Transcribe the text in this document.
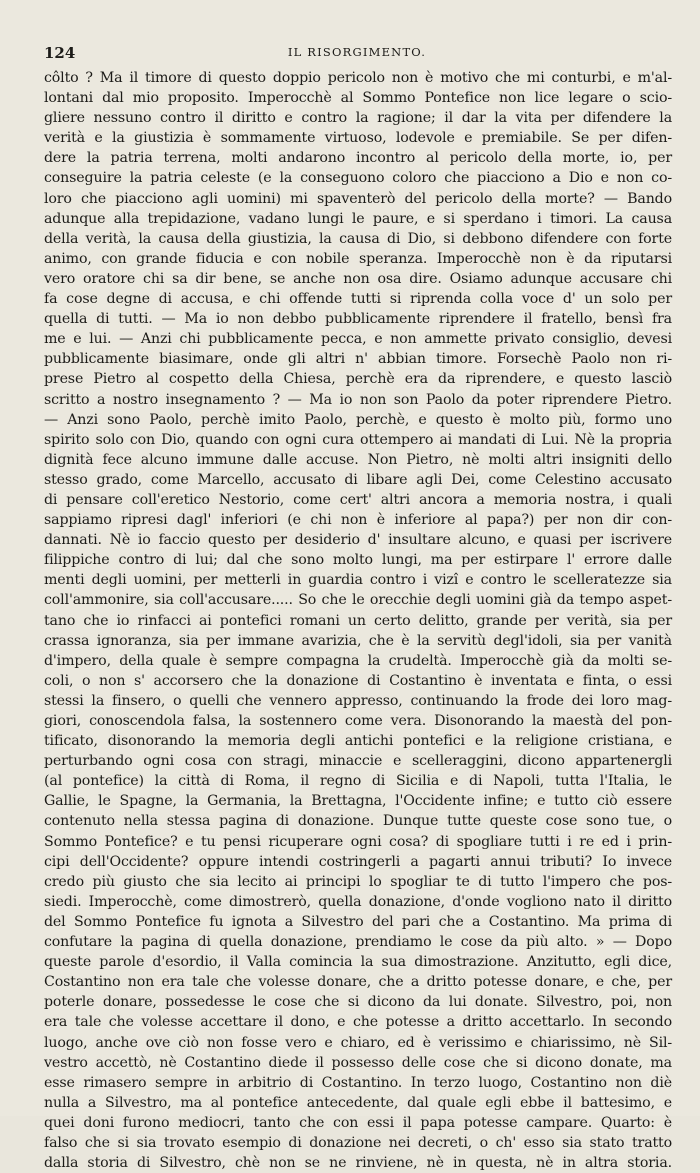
124	IL RISORGIMENTO.
côlto ? Ma il timore di questo doppio pericolo non è motivo che mi conturbi, e m'al-
lontani dal mio proposito. Imperocchè al Sommo Pontefice non lice legare o scio-
gliere nessuno contro il diritto e contro la ragione; il dar la vita per difendere la
verità e la giustizia è sommamente virtuoso, lodevole e premiabile. Se per difen-
dere la patria terrena, molti andarono incontro al pericolo della morte, io, per
conseguire la patria celeste (e la conseguono coloro che piacciono a Dio e non co-
loro che piacciono agli uomini) mi spaventerò del pericolo della morte? — Bando
adunque alla trepidazione, vadano lungi le paure, e si sperdano i timori. La causa
della verità, la causa della giustizia, la causa di Dio, si debbono difendere con forte
animo, con grande fiducia e con nobile speranza. Imperocchè non è da riputarsi
vero oratore chi sa dir bene, se anche non osa dire. Osiamo adunque accusare chi
fa cose degne di accusa, e chi offende tutti si riprenda colla voce d' un solo per
quella di tutti. — Ma io non debbo pubblicamente riprendere il fratello, bensì fra
me e lui. — Anzi chi pubblicamente pecca, e non ammette privato consiglio, devesi
pubblicamente biasimare, onde gli altri n' abbian timore. Forsechè Paolo non ri-
prese Pietro al cospetto della Chiesa, perchè era da riprendere, e questo lasciò
scritto a nostro insegnamento ? — Ma io non son Paolo da poter riprendere Pietro.
— Anzi sono Paolo, perchè imito Paolo, perchè, e questo è molto più, formo uno
spirito solo con Dio, quando con ogni cura ottempero ai mandati di Lui. Nè la propria
dignità fece alcuno immune dalle accuse. Non Pietro, nè molti altri insigniti dello
stesso grado, come Marcello, accusato di libare agli Dei, come Celestino accusato
di pensare coll'eretico Nestorio, come cert' altri ancora a memoria nostra, i quali
sappiamo ripresi dagl' inferiori (e chi non è inferiore al papa?) per non dir con-
dannati. Nè io faccio questo per desiderio d' insultare alcuno, e quasi per iscrivere
filippiche contro di lui; dal che sono molto lungi, ma per estirpare l' errore dalle
menti degli uomini, per metterli in guardia contro i vizî e contro le scelleratezze sia
coll'ammonire, sia coll'accusare..... So che le orecchie degli uomini già da tempo aspet-
tano che io rinfacci ai pontefici romani un certo delitto, grande per verità, sia per
crassa ignoranza, sia per immane avarizia, che è la servitù degl'idoli, sia per vanità
d'impero, della quale è sempre compagna la crudeltà. Imperocchè già da molti se-
coli, o non s' accorsero che la donazione di Costantino è inventata e finta, o essi
stessi la finsero, o quelli che vennero appresso, continuando la frode dei loro mag-
giori, conoscendola falsa, la sostennero come vera. Disonorando la maestà del pon-
tificato, disonorando la memoria degli antichi pontefici e la religione cristiana, e
perturbando ogni cosa con stragi, minaccie e scelleraggini, dicono appartenergli
(al pontefice) la città di Roma, il regno di Sicilia e di Napoli, tutta l'Italia, le
Gallie, le Spagne, la Germania, la Brettagna, l'Occidente infine; e tutto ciò essere
contenuto nella stessa pagina di donazione. Dunque tutte queste cose sono tue, o
Sommo Pontefice? e tu pensi ricuperare ogni cosa? di spogliare tutti i re ed i prin-
cipi dell'Occidente? oppure intendi costringerli a pagarti annui tributi? Io invece
credo più giusto che sia lecito ai principi lo spogliar te di tutto l'impero che pos-
siedi. Imperocchè, come dimostrerò, quella donazione, d'onde vogliono nato il diritto
del Sommo Pontefice fu ignota a Silvestro del pari che a Costantino. Ma prima di
confutare la pagina di quella donazione, prendiamo le cose da più alto. » — Dopo
queste parole d'esordio, il Valla comincia la sua dimostrazione. Anzitutto, egli dice,
Costantino non era tale che volesse donare, che a dritto potesse donare, e che, per
poterle donare, possedesse le cose che si dicono da lui donate. Silvestro, poi, non
era tale che volesse accettare il dono, e che potesse a dritto accettarlo. In secondo
luogo, anche ove ciò non fosse vero e chiaro, ed è verissimo e chiarissimo, nè Sil-
vestro accettò, nè Costantino diede il possesso delle cose che si dicono donate, ma
esse rimasero sempre in arbitrio di Costantino. In terzo luogo, Costantino non diè
nulla a Silvestro, ma al pontefice antecedente, dal quale egli ebbe il battesimo, e
quei doni furono mediocri, tanto che con essi il papa potesse campare. Quarto: è
falso che si sia trovato esempio di donazione nei decreti, o ch' esso sia stato tratto
dalla storia di Silvestro, chè non se ne rinviene, nè in questa, nè in altra storia.
